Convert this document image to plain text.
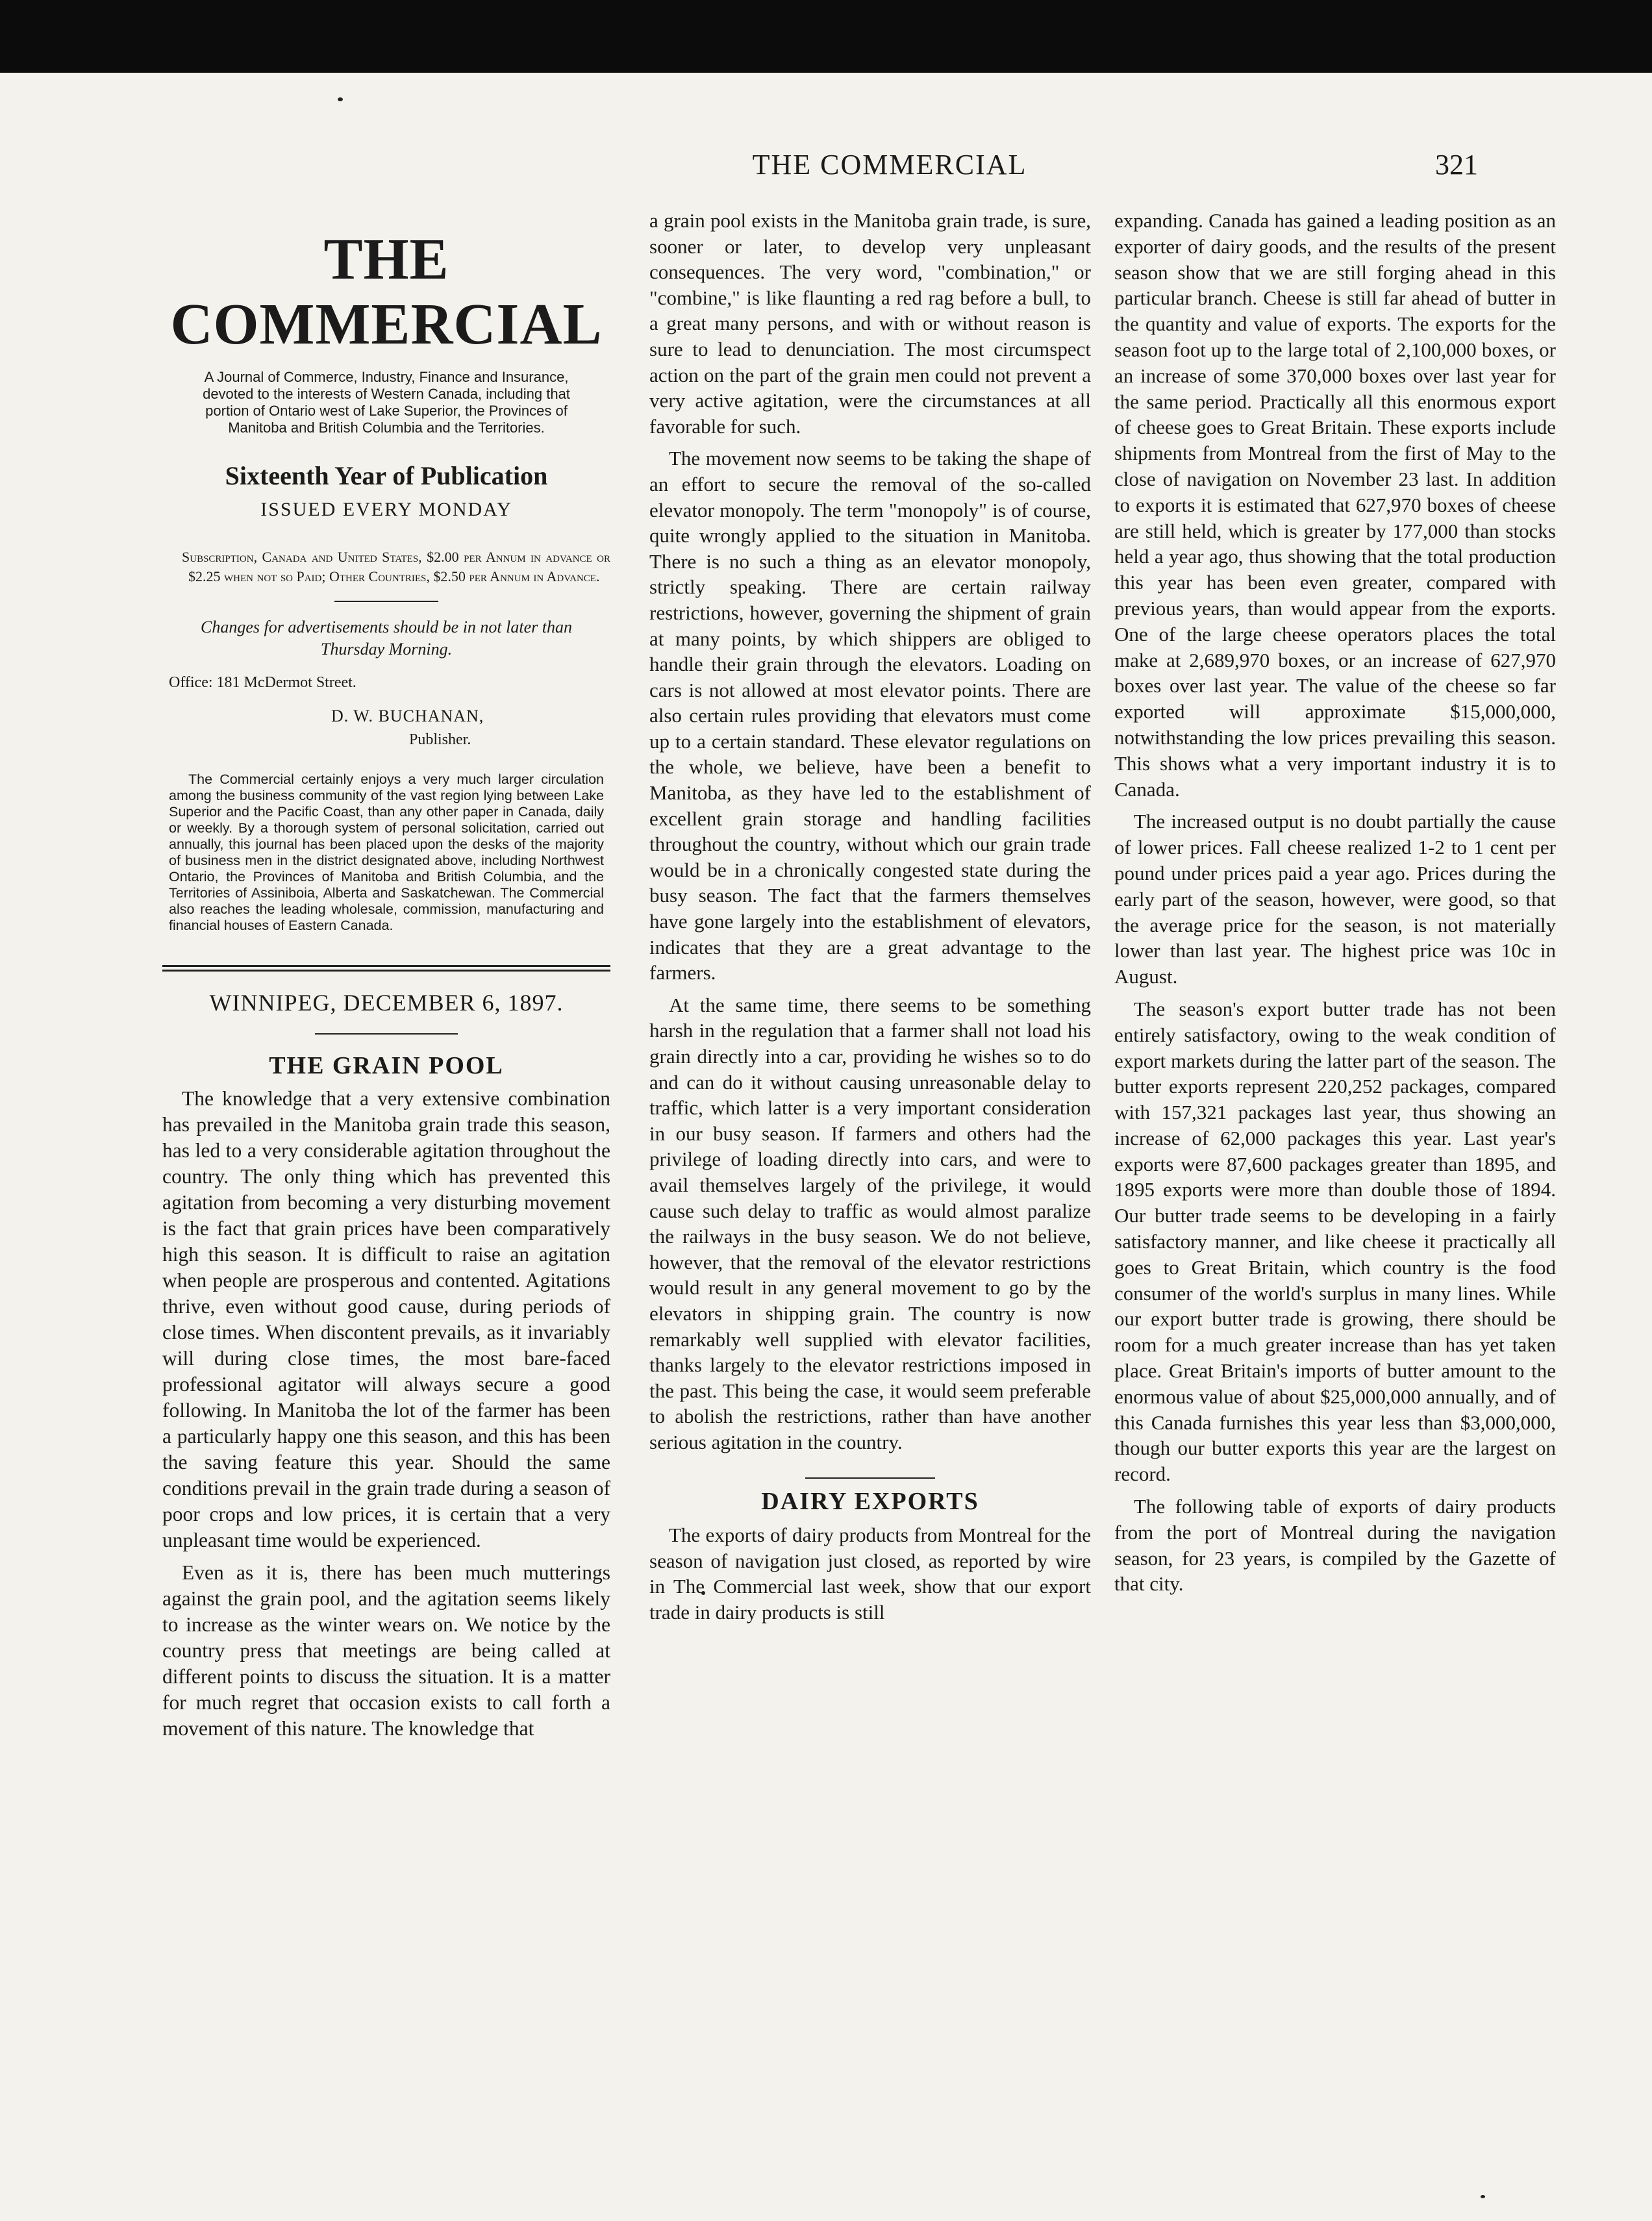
THE COMMERCIAL	321
THE COMMERCIAL
A Journal of Commerce, Industry, Finance and Insurance, devoted to the interests of Western Canada, including that portion of Ontario west of Lake Superior, the Provinces of Manitoba and British Columbia and the Territories.
Sixteenth Year of Publication
ISSUED EVERY MONDAY
Subscription, Canada and United States, $2.00 per Annum in advance or $2.25 when not so Paid; Other Countries, $2.50 per Annum in Advance.
Changes for advertisements should be in not later than Thursday Morning.
Office: 181 McDermot Street.
D. W. BUCHANAN,
Publisher.
The Commercial certainly enjoys a very much larger circulation among the business community of the vast region lying between Lake Superior and the Pacific Coast, than any other paper in Canada, daily or weekly. By a thorough system of personal solicitation, carried out annually, this journal has been placed upon the desks of the majority of business men in the district designated above, including Northwest Ontario, the Provinces of Manitoba and British Columbia, and the Territories of Assiniboia, Alberta and Saskatchewan. The Commercial also reaches the leading wholesale, commission, manufacturing and financial houses of Eastern Canada.
WINNIPEG, DECEMBER 6, 1897.
THE GRAIN POOL

The knowledge that a very extensive combination has prevailed in the Manitoba grain trade this season, has led to a very considerable agitation throughout the country. The only thing which has prevented this agitation from becoming a very disturbing movement is the fact that grain prices have been comparatively high this season. It is difficult to raise an agitation when people are prosperous and contented. Agitations thrive, even without good cause, during periods of close times. When discontent prevails, as it invariably will during close times, the most bare-faced professional agitator will always secure a good following. In Manitoba the lot of the farmer has been a particularly happy one this season, and this has been the saving feature this year. Should the same conditions prevail in the grain trade during a season of poor crops and low prices, it is certain that a very unpleasant time would be experienced.

Even as it is, there has been much mutterings against the grain pool, and the agitation seems likely to increase as the winter wears on. We notice by the country press that meetings are being called at different points to discuss the situation. It is a matter for much regret that occasion exists to call forth a movement of this nature. The knowledge that

a grain pool exists in the Manitoba grain trade, is sure, sooner or later, to develop very unpleasant consequences. The very word, "combination," or "combine," is like flaunting a red rag before a bull, to a great many persons, and with or without reason is sure to lead to denunciation. The most circumspect action on the part of the grain men could not prevent a very active agitation, were the circumstances at all favorable for such.

The movement now seems to be taking the shape of an effort to secure the removal of the so-called elevator monopoly. The term "monopoly" is of course, quite wrongly applied to the situation in Manitoba. There is no such a thing as an elevator monopoly, strictly speaking. There are certain railway restrictions, however, governing the shipment of grain at many points, by which shippers are obliged to handle their grain through the elevators. Loading on cars is not allowed at most elevator points. There are also certain rules providing that elevators must come up to a certain standard. These elevator regulations on the whole, we believe, have been a benefit to Manitoba, as they have led to the establishment of excellent grain storage and handling facilities throughout the country, without which our grain trade would be in a chronically congested state during the busy season. The fact that the farmers themselves have gone largely into the establishment of elevators, indicates that they are a great advantage to the farmers.

At the same time, there seems to be something harsh in the regulation that a farmer shall not load his grain directly into a car, providing he wishes so to do and can do it without causing unreasonable delay to traffic, which latter is a very important consideration in our busy season. If farmers and others had the privilege of loading directly into cars, and were to avail themselves largely of the privilege, it would cause such delay to traffic as would almost paralize the railways in the busy season. We do not believe, however, that the removal of the elevator restrictions would result in any general movement to go by the elevators in shipping grain. The country is now remarkably well supplied with elevator facilities, thanks largely to the elevator restrictions imposed in the past. This being the case, it would seem preferable to abolish the restrictions, rather than have another serious agitation in the country.

DAIRY EXPORTS

The exports of dairy products from Montreal for the season of navigation just closed, as reported by wire in The Commercial last week, show that our export trade in dairy products is still

expanding. Canada has gained a leading position as an exporter of dairy goods, and the results of the present season show that we are still forging ahead in this particular branch. Cheese is still far ahead of butter in the quantity and value of exports. The exports for the season foot up to the large total of 2,100,000 boxes, or an increase of some 370,000 boxes over last year for the same period. Practically all this enormous export of cheese goes to Great Britain. These exports include shipments from Montreal from the first of May to the close of navigation on November 23 last. In addition to exports it is estimated that 627,970 boxes of cheese are still held, which is greater by 177,000 than stocks held a year ago, thus showing that the total production this year has been even greater, compared with previous years, than would appear from the exports. One of the large cheese operators places the total make at 2,689,970 boxes, or an increase of 627,970 boxes over last year. The value of the cheese so far exported will approximate $15,000,000, notwithstanding the low prices prevailing this season. This shows what a very important industry it is to Canada.

The increased output is no doubt partially the cause of lower prices. Fall cheese realized 1-2 to 1 cent per pound under prices paid a year ago. Prices during the early part of the season, however, were good, so that the average price for the season, is not materially lower than last year. The highest price was 10c in August.

The season's export butter trade has not been entirely satisfactory, owing to the weak condition of export markets during the latter part of the season. The butter exports represent 220,252 packages, compared with 157,321 packages last year, thus showing an increase of 62,000 packages this year. Last year's exports were 87,600 packages greater than 1895, and 1895 exports were more than double those of 1894. Our butter trade seems to be developing in a fairly satisfactory manner, and like cheese it practically all goes to Great Britain, which country is the food consumer of the world's surplus in many lines. While our export butter trade is growing, there should be room for a much greater increase than has yet taken place. Great Britain's imports of butter amount to the enormous value of about $25,000,000 annually, and of this Canada furnishes this year less than $3,000,000, though our butter exports this year are the largest on record.

The following table of exports of dairy products from the port of Montreal during the navigation season, for 23 years, is compiled by the Gazette of that city.
